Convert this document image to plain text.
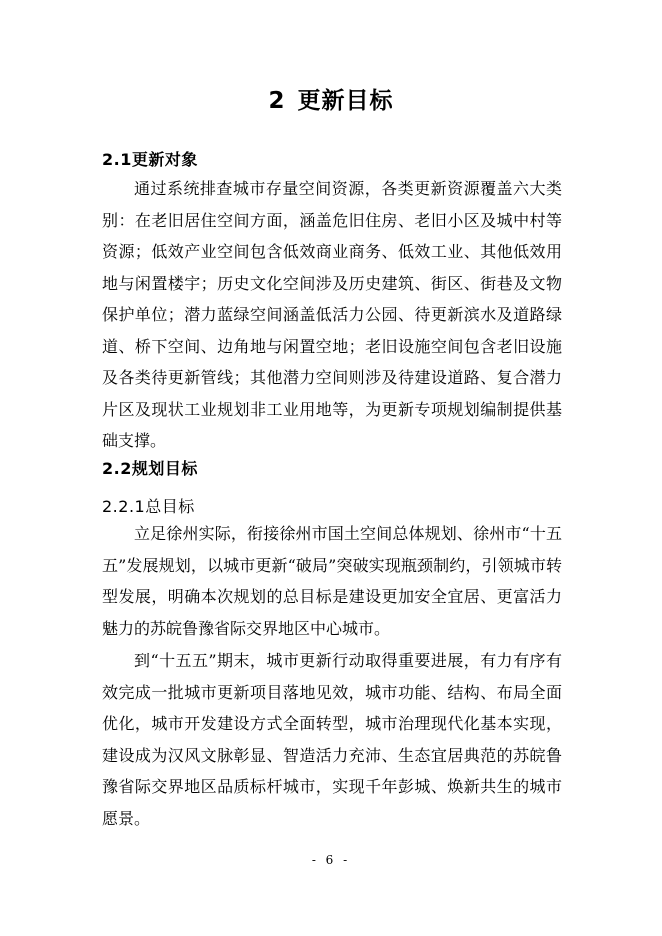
2 更新目标
2.1更新对象
通过系统排查城市存量空间资源，各类更新资源覆盖六大类别：在老旧居住空间方面，涵盖危旧住房、老旧小区及城中村等资源；低效产业空间包含低效商业商务、低效工业、其他低效用地与闲置楼宇；历史文化空间涉及历史建筑、街区、街巷及文物保护单位；潜力蓝绿空间涵盖低活力公园、待更新滨水及道路绿道、桥下空间、边角地与闲置空地；老旧设施空间包含老旧设施及各类待更新管线；其他潜力空间则涉及待建设道路、复合潜力片区及现状工业规划非工业用地等，为更新专项规划编制提供基础支撑。
2.2规划目标
2.2.1总目标
立足徐州实际，衔接徐州市国土空间总体规划、徐州市“十五五”发展规划，以城市更新“破局”突破实现瓶颈制约，引领城市转型发展，明确本次规划的总目标是建设更加安全宜居、更富活力魅力的苏皖鲁豫省际交界地区中心城市。
到“十五五”期末，城市更新行动取得重要进展，有力有序有效完成一批城市更新项目落地见效，城市功能、结构、布局全面优化，城市开发建设方式全面转型，城市治理现代化基本实现，建设成为汉风文脉彰显、智造活力充沛、生态宜居典范的苏皖鲁豫省际交界地区品质标杆城市，实现千年彭城、焕新共生的城市愿景。
- 6 -
